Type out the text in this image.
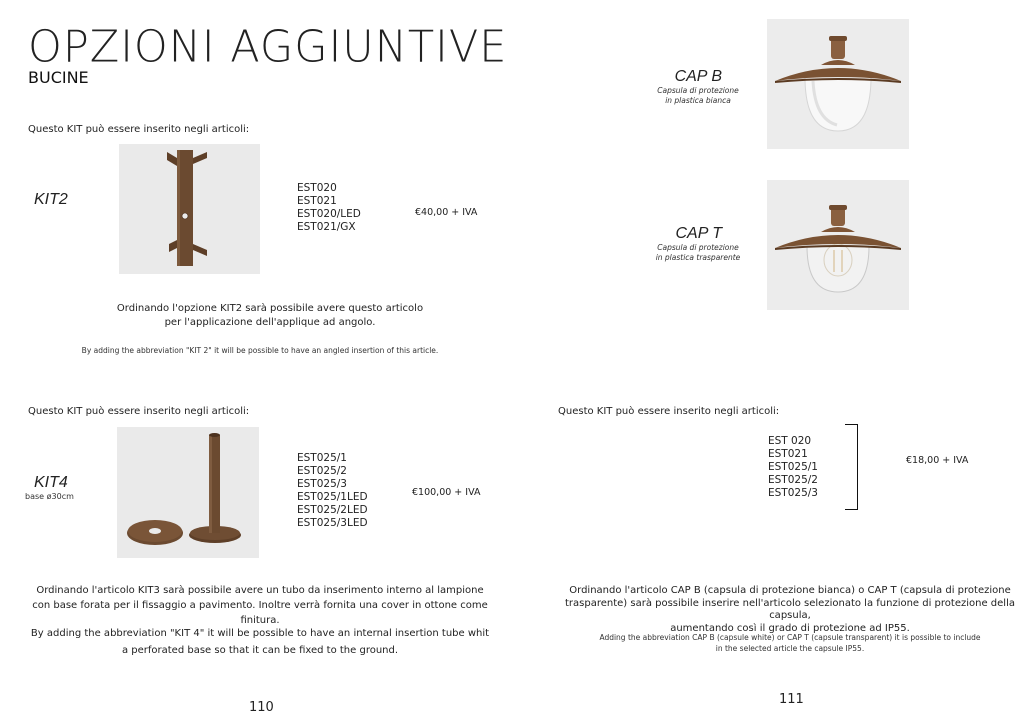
OPZIONI AGGIUNTIVE
BUCINE
Questo KIT può essere inserito negli articoli:
KIT2
EST020
EST021
EST020/LED
EST021/GX
€40,00 + IVA
Ordinando l'opzione KIT2 sarà possibile avere questo articolo
per l'applicazione dell'applique ad angolo.
By adding the abbreviation "KIT 2" it will be possible to have an angled insertion of this article.
Questo KIT può essere inserito negli articoli:
KIT4
base ø30cm
EST025/1
EST025/2
EST025/3
EST025/1LED
EST025/2LED
EST025/3LED
€100,00 + IVA
Ordinando l'articolo KIT3 sarà possibile avere un tubo da inserimento interno al lampione
con base forata per il fissaggio a pavimento. Inoltre verrà fornita una cover in ottone come finitura.
By adding the abbreviation "KIT 4" it will be possible to have an internal insertion tube whit
a perforated base so that it can be fixed to the ground.
110
CAP B
Capsula di protezione
in plastica bianca
CAP T
Capsula di protezione
in plastica trasparente
Questo KIT può essere inserito negli articoli:
EST 020
EST021
EST025/1
EST025/2
EST025/3
€18,00 + IVA
Ordinando l'articolo CAP B (capsula di protezione bianca) o CAP T (capsula di protezione
trasparente) sarà possibile inserire nell'articolo selezionato la funzione di protezione della capsula,
aumentando così il grado di protezione ad IP55.
Adding the abbreviation CAP B (capsule white) or CAP T (capsule transparent) it is possible to include
in the selected article the capsule IP55.
111
